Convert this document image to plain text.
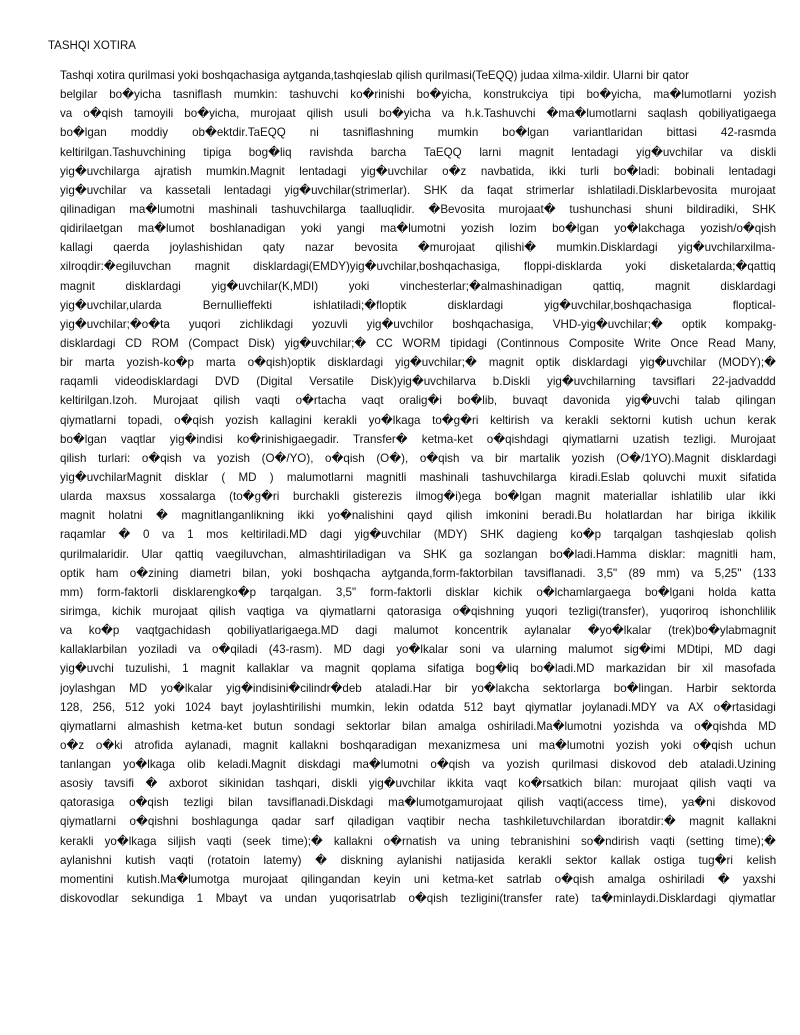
TASHQI XOTIRA
Tashqi xotira qurilmasi yoki boshqachasiga aytganda,tashqieslab qilish qurilmasi(TeEQQ) judaa xilma-xildir. Ularni bir qator
belgilar bo�yicha tasniflash mumkin: tashuvchi ko�rinishi bo�yicha, konstrukciya tipi bo�yicha, ma�lumotlarni yozish
va o�qish tamoyili bo�yicha, murojaat qilish usuli bo�yicha va h.k.Tashuvchi �ma�lumotlarni saqlash qobiliyatigaega
bo�lgan moddiy ob�ektdir.TaEQQ ni tasniflashning mumkin bo�lgan variantlaridan bittasi 42-rasmda
keltirilgan.Tashuvchining tipiga bog�liq ravishda barcha TaEQQ larni magnit lentadagi yig�uvchilar va diskli
yig�uvchilarga ajratish mumkin.Magnit lentadagi yig�uvchilar o�z navbatida, ikki turli bo�ladi: bobinali lentadagi
yig�uvchilar va kassetali lentadagi yig�uvchilar(strimerlar). SHK da faqat strimerlar ishlatiladi.Disklarbevosita murojaat
qilinadigan ma�lumotni mashinali tashuvchilarga taalluqlidir. �Bevosita murojaat� tushunchasi shuni bildiradiki, SHK
qidirilaetgan ma�lumot boshlanadigan yoki yangi ma�lumotni yozish lozim bo�lgan yo�lakchaga yozish/o�qish
kallagi qaerda joylashishidan qaty nazar bevosita �murojaat qilishi� mumkin.Disklardagi yig�uvchilarxilma-
xilroqdir:�egiluvchan magnit disklardagi(EMDY)yig�uvchilar,boshqachasiga, floppi-disklarda yoki disketalarda;�qattiq
magnit disklardagi yig�uvchilar(K,MDI) yoki vinchesterlar;�almashinadigan qattiq, magnit disklardagi
yig�uvchilar,ularda Bernullieffekti ishlatiladi;�floptik disklardagi yig�uvchilar,boshqachasiga floptical-
yig�uvchilar;�o�ta yuqori zichlikdagi yozuvli yig�uvchilor boshqachasiga, VHD-yig�uvchilar;� optik kompakg-
disklardagi CD ROM (Compact Disk) yig�uvchilar;� CC WORM tipidagi (Continnous Composite Write Once Read Many,
bir marta yozish-ko�p marta o�qish)optik disklardagi yig�uvchilar;� magnit optik disklardagi yig�uvchilar (MODY);�
raqamli videodisklardagi DVD (Digital Versatile Disk)yig�uvchilarva b.Diskli yig�uvchilarning tavsiflari 22-jadvaddd
keltirilgan.Izoh. Murojaat qilish vaqti o�rtacha vaqt oralig�i bo�lib, buvaqt davonida yig�uvchi talab qilingan
qiymatlarni topadi, o�qish yozish kallagini kerakli yo�lkaga to�g�ri keltirish va kerakli sektorni kutish uchun kerak
bo�lgan vaqtlar yig�indisi ko�rinishigaegadir. Transfer� ketma-ket o�qishdagi qiymatlarni uzatish tezligi. Murojaat
qilish turlari: o�qish va yozish (O�/YO), o�qish (O�), o�qish va bir martalik yozish (O�/1YO).Magnit disklardagi
yig�uvchilarMagnit disklar ( MD ) malumotlarni magnitli mashinali tashuvchilarga kiradi.Eslab qoluvchi muxit sifatida
ularda maxsus xossalarga (to�g�ri burchakli gisterezis ilmog�i)ega bo�lgan magnit materiallar ishlatilib ular ikki
magnit holatni � magnitlanganlikning ikki yo�nalishini qayd qilish imkonini beradi.Bu holatlardan har biriga ikkilik
raqamlar � 0 va 1 mos keltiriladi.MD dagi yig�uvchilar (MDY) SHK dagieng ko�p tarqalgan tashqieslab qolish
qurilmalaridir. Ular qattiq vaegiluvchan, almashtiriladigan va SHK ga sozlangan bo�ladi.Hamma disklar: magnitli ham,
optik ham o�zining diametri bilan, yoki boshqacha aytganda,form-faktorbilan tavsiflanadi. 3,5" (89 mm) va 5,25" (133
mm) form-faktorli disklarengko�p tarqalgan. 3,5" form-faktorli disklar kichik o�lchamlargaega bo�lgani holda katta
sirimga, kichik murojaat qilish vaqtiga va qiymatlarni qatorasiga o�qishning yuqori tezligi(transfer), yuqoriroq ishonchlilik
va ko�p vaqtgachidash qobiliyatlarigaega.MD dagi malumot koncentrik aylanalar �yo�lkalar (trek)bo�ylabmagnit
kallaklarbilan yoziladi va o�qiladi (43-rasm). MD dagi yo�lkalar soni va ularning malumot sig�imi MDtipi, MD dagi
yig�uvchi tuzulishi, 1 magnit kallaklar va magnit qoplama sifatiga bog�liq bo�ladi.MD markazidan bir xil masofada
joylashgan MD yo�lkalar yig�indisini�cilindr�deb ataladi.Har bir yo�lakcha sektorlarga bo�lingan. Harbir sektorda
128, 256, 512 yoki 1024 bayt joylashtirilishi mumkin, lekin odatda 512 bayt qiymatlar joylanadi.MDY va AX o�rtasidagi
qiymatlarni almashish ketma-ket butun sondagi sektorlar bilan amalga oshiriladi.Ma�lumotni yozishda va o�qishda MD
o�z o�ki atrofida aylanadi, magnit kallakni boshqaradigan mexanizmesa uni ma�lumotni yozish yoki o�qish uchun
tanlangan yo�lkaga olib keladi.Magnit diskdagi ma�lumotni o�qish va yozish qurilmasi diskovod deb ataladi.Uzining
asosiy tavsifi � axborot sikinidan tashqari, diskli yig�uvchilar ikkita vaqt ko�rsatkich bilan: murojaat qilish vaqti va
qatorasiga o�qish tezligi bilan tavsiflanadi.Diskdagi ma�lumotgamurojaat qilish vaqti(access time), ya�ni diskovod
qiymatlarni o�qishni boshlagunga qadar sarf qiladigan vaqtibir necha tashkiletuvchilardan iboratdir:� magnit kallakni
kerakli yo�lkaga siljish vaqti (seek time);� kallakni o�rnatish va uning tebranishini so�ndirish vaqti (setting time);�
aylanishni kutish vaqti (rotatoin latemy) � diskning aylanishi natijasida kerakli sektor kallak ostiga tug�ri kelish
momentini kutish.Ma�lumotga murojaat qilingandan keyin uni ketma-ket satrlab o�qish amalga oshiriladi � yaxshi
diskovodlar sekundiga 1 Mbayt va undan yuqorisatrlab o�qish tezligini(transfer rate) ta�minlaydi.Disklardagi qiymatlar
